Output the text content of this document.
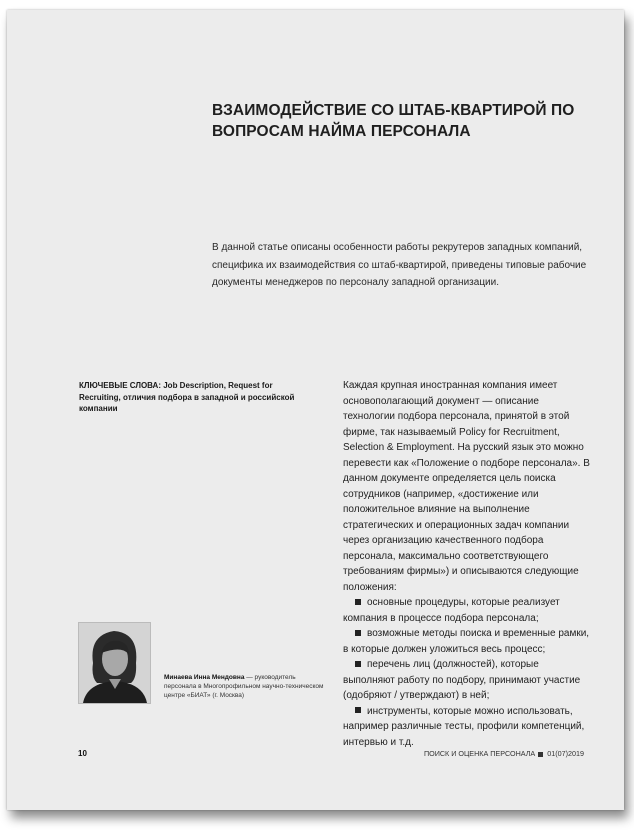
ВЗАИМОДЕЙСТВИЕ СО ШТАБ-КВАРТИРОЙ ПО ВОПРОСАМ НАЙМА ПЕРСОНАЛА

В данной статье описаны особенности работы рекрутеров западных компаний, специфика их взаимодействия со штаб-квартирой, приведены типовые рабочие документы менеджеров по персоналу западной организации.

КЛЮЧЕВЫЕ СЛОВА: Job Description, Request for Recruiting, отличия подбора в западной и российской компании

Каждая крупная иностранная компания имеет основополагающий документ — описание технологии подбора персонала, принятой в этой фирме, так называемый Policy for Recruitment, Selection & Employment. На русский язык это можно перевести как «Положение о подборе персонала». В данном документе определяется цель поиска сотрудников (например, «достижение или положительное влияние на выполнение стратегических и операционных задач компании через организацию качественного подбора персонала, максимально соответствующего требованиям фирмы») и описываются следующие положения:

основные процедуры, которые реализует компания в процессе подбора персонала;
возможные методы поиска и временные рамки, в которые должен уложиться весь процесс;
перечень лиц (должностей), которые выполняют работу по подбору, принимают участие (одобряют / утверждают) в ней;
инструменты, которые можно использовать, например различные тесты, профили компетенций, интервью и т.д.

Минаева Инна Мендовна — руководитель персонала в Многопрофильном научно-техническом центре «БИАТ» (г. Москва)

10	ПОИСК И ОЦЕНКА ПЕРСОНАЛА 01(07)2019
